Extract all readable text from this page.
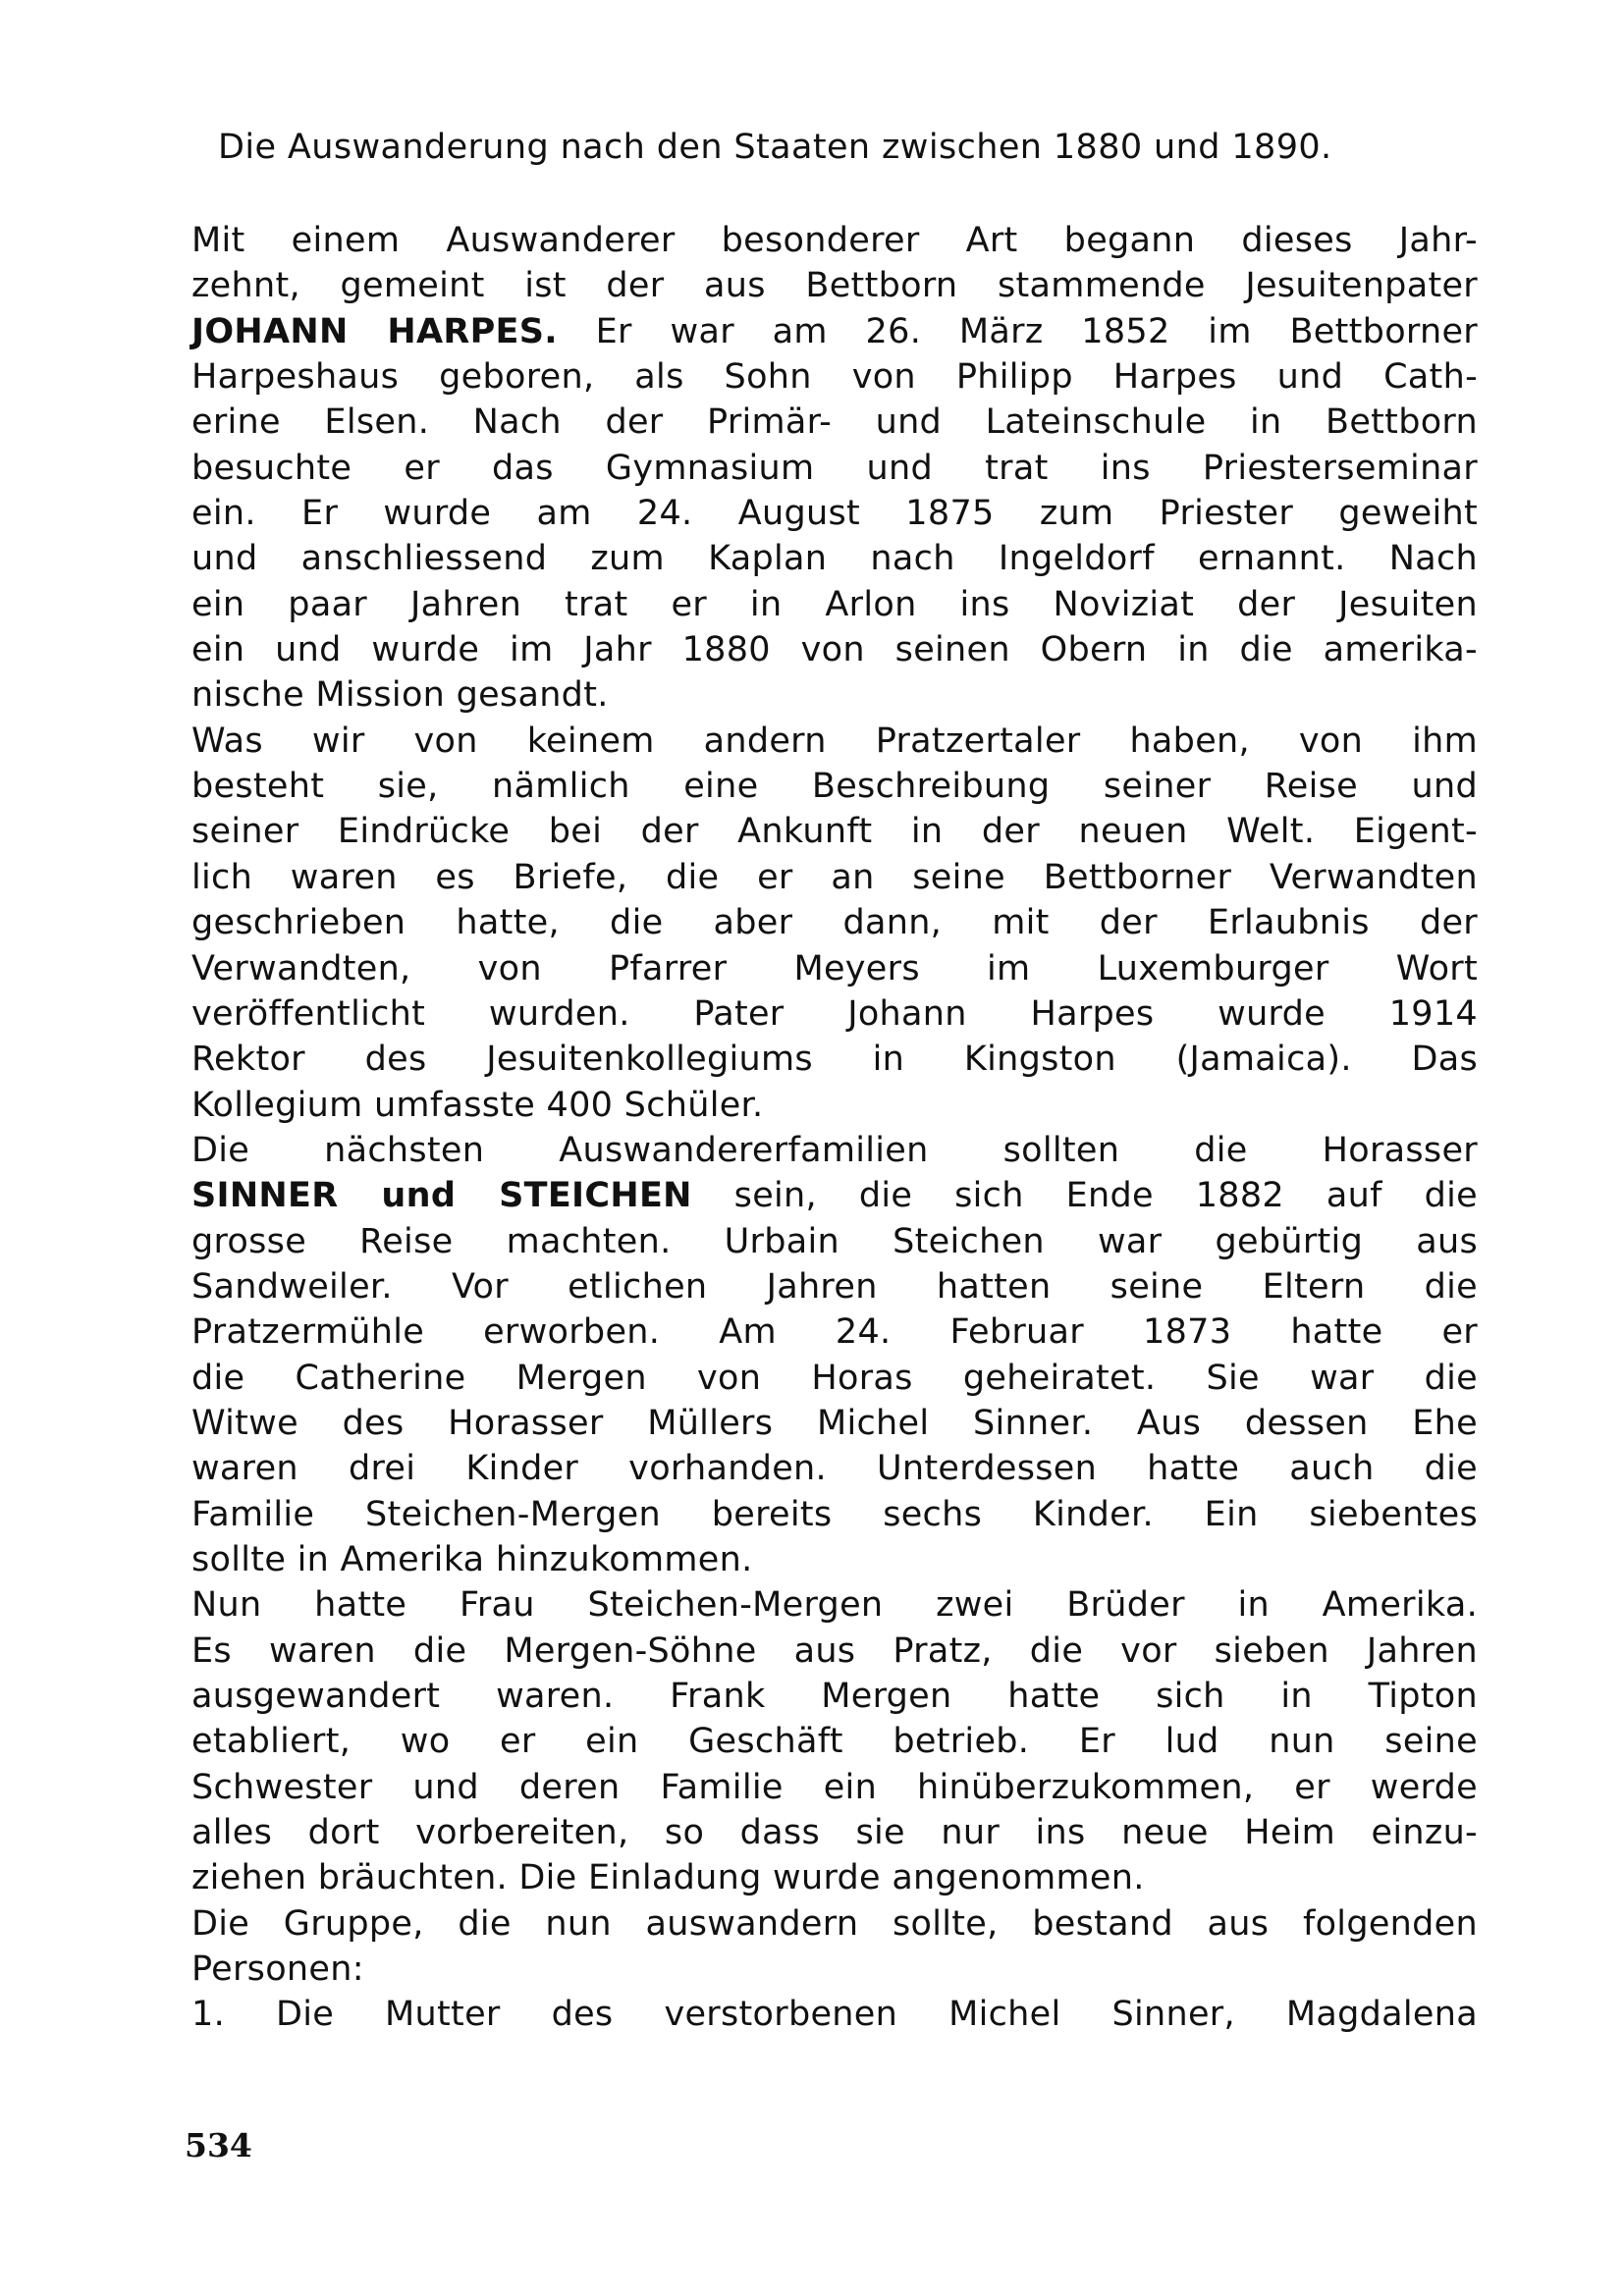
Die Auswanderung nach den Staaten zwischen 1880 und 1890.
Mit einem Auswanderer besonderer Art begann dieses Jahr-
zehnt, gemeint ist der aus Bettborn stammende Jesuitenpater
JOHANN HARPES. Er war am 26. März 1852 im Bettborner
Harpeshaus geboren, als Sohn von Philipp Harpes und Cath-
erine Elsen. Nach der Primär- und Lateinschule in Bettborn
besuchte er das Gymnasium und trat ins Priesterseminar
ein. Er wurde am 24. August 1875 zum Priester geweiht
und anschliessend zum Kaplan nach Ingeldorf ernannt. Nach
ein paar Jahren trat er in Arlon ins Noviziat der Jesuiten
ein und wurde im Jahr 1880 von seinen Obern in die amerika-
nische Mission gesandt.
Was wir von keinem andern Pratzertaler haben, von ihm
besteht sie, nämlich eine Beschreibung seiner Reise und
seiner Eindrücke bei der Ankunft in der neuen Welt. Eigent-
lich waren es Briefe, die er an seine Bettborner Verwandten
geschrieben hatte, die aber dann, mit der Erlaubnis der
Verwandten, von Pfarrer Meyers im Luxemburger Wort
veröffentlicht wurden. Pater Johann Harpes wurde 1914
Rektor des Jesuitenkollegiums in Kingston (Jamaica). Das
Kollegium umfasste 400 Schüler.
Die nächsten Auswandererfamilien sollten die Horasser
SINNER und STEICHEN sein, die sich Ende 1882 auf die
grosse Reise machten. Urbain Steichen war gebürtig aus
Sandweiler. Vor etlichen Jahren hatten seine Eltern die
Pratzermühle erworben. Am 24. Februar 1873 hatte er
die Catherine Mergen von Horas geheiratet. Sie war die
Witwe des Horasser Müllers Michel Sinner. Aus dessen Ehe
waren drei Kinder vorhanden. Unterdessen hatte auch die
Familie Steichen-Mergen bereits sechs Kinder. Ein siebentes
sollte in Amerika hinzukommen.
Nun hatte Frau Steichen-Mergen zwei Brüder in Amerika.
Es waren die Mergen-Söhne aus Pratz, die vor sieben Jahren
ausgewandert waren. Frank Mergen hatte sich in Tipton
etabliert, wo er ein Geschäft betrieb. Er lud nun seine
Schwester und deren Familie ein hinüberzukommen, er werde
alles dort vorbereiten, so dass sie nur ins neue Heim einzu-
ziehen bräuchten. Die Einladung wurde angenommen.
Die Gruppe, die nun auswandern sollte, bestand aus folgenden
Personen:
1. Die Mutter des verstorbenen Michel Sinner, Magdalena
534
